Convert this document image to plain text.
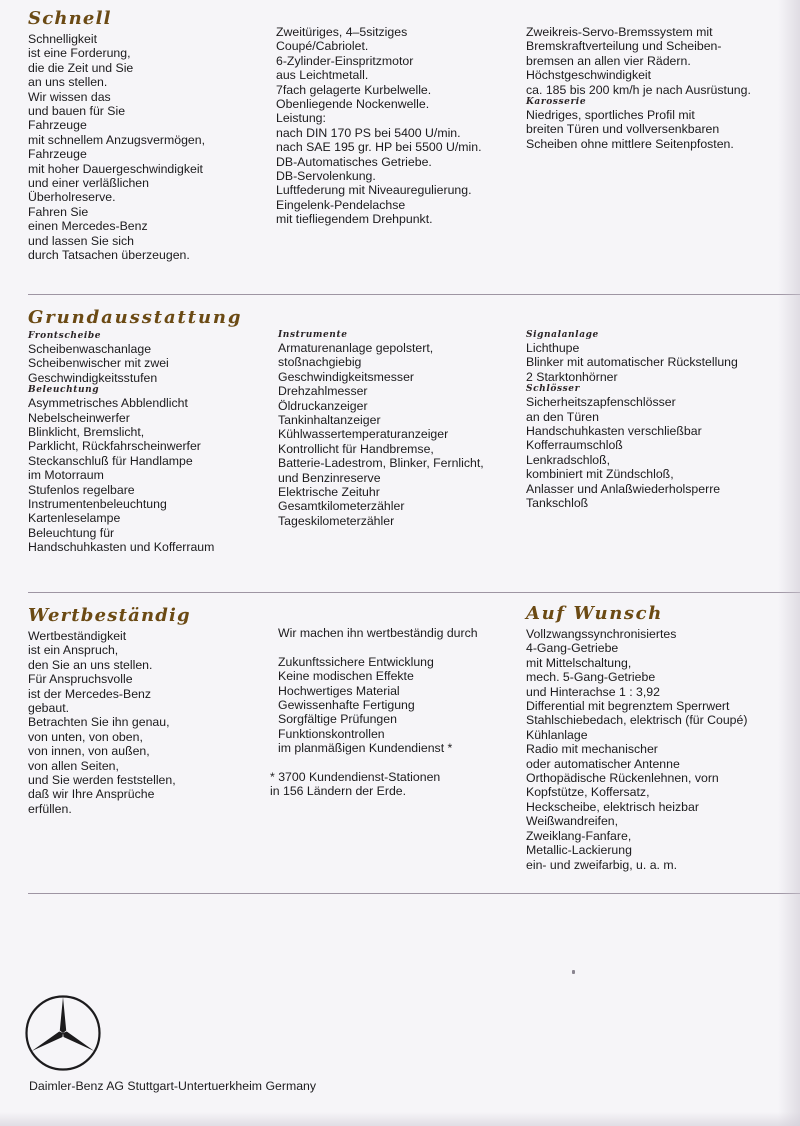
Schnell
Schnelligkeit
ist eine Forderung,
die die Zeit und Sie
an uns stellen.
Wir wissen das
und bauen für Sie
Fahrzeuge
mit schnellem Anzugsvermögen,
Fahrzeuge
mit hoher Dauergeschwindigkeit
und einer verläßlichen
Überholreserve.
Fahren Sie
einen Mercedes-Benz
und lassen Sie sich
durch Tatsachen überzeugen.
Zweitüriges, 4–5sitziges
Coupé/Cabriolet.
6-Zylinder-Einspritzmotor
aus Leichtmetall.
7fach gelagerte Kurbelwelle.
Obenliegende Nockenwelle.
Leistung:
nach DIN 170 PS bei 5400 U/min.
nach SAE 195 gr. HP bei 5500 U/min.
DB-Automatisches Getriebe.
DB-Servolenkung.
Luftfederung mit Niveauregulierung.
Eingelenk-Pendelachse
mit tiefliegendem Drehpunkt.
Zweikreis-Servo-Bremssystem mit
Bremskraftverteilung und Scheiben-
bremsen an allen vier Rädern.
Höchstgeschwindigkeit
ca. 185 bis 200 km/h je nach Ausrüstung.
Karosserie
Niedriges, sportliches Profil mit
breiten Türen und vollversenkbaren
Scheiben ohne mittlere Seitenpfosten.
Grundausstattung
Frontscheibe
Scheibenwaschanlage
Scheibenwischer mit zwei
Geschwindigkeitsstufen
Beleuchtung
Asymmetrisches Abblendlicht
Nebelscheinwerfer
Blinklicht, Bremslicht,
Parklicht, Rückfahrscheinwerfer
Steckanschluß für Handlampe
im Motorraum
Stufenlos regelbare
Instrumentenbeleuchtung
Kartenleselampe
Beleuchtung für
Handschuhkasten und Kofferraum
Instrumente
Armaturenanlage gepolstert,
stoßnachgiebig
Geschwindigkeitsmesser
Drehzahlmesser
Öldruckanzeiger
Tankinhaltanzeiger
Kühlwassertemperaturanzeiger
Kontrollicht für Handbremse,
Batterie-Ladestrom, Blinker, Fernlicht,
und Benzinreserve
Elektrische Zeituhr
Gesamtkilometerzähler
Tageskilometerzähler
Signalanlage
Lichthupe
Blinker mit automatischer Rückstellung
2 Starktonhörner
Schlösser
Sicherheitszapfenschlösser
an den Türen
Handschuhkasten verschließbar
Kofferraumschloß
Lenkradschloß,
kombiniert mit Zündschloß,
Anlasser und Anlaßwiederholsperre
Tankschloß
Wertbeständig
Wertbeständigkeit
ist ein Anspruch,
den Sie an uns stellen.
Für Anspruchsvolle
ist der Mercedes-Benz
gebaut.
Betrachten Sie ihn genau,
von unten, von oben,
von innen, von außen,
von allen Seiten,
und Sie werden feststellen,
daß wir Ihre Ansprüche
erfüllen.
Wir machen ihn wertbeständig durch
Zukunftssichere Entwicklung
Keine modischen Effekte
Hochwertiges Material
Gewissenhafte Fertigung
Sorgfältige Prüfungen
Funktionskontrollen
im planmäßigen Kundendienst *
* 3700 Kundendienst-Stationen
in 156 Ländern der Erde.
Auf Wunsch
Vollzwangssynchronisiertes
4-Gang-Getriebe
mit Mittelschaltung,
mech. 5-Gang-Getriebe
und Hinterachse 1 : 3,92
Differential mit begrenztem Sperrwert
Stahlschiebedach, elektrisch (für Coupé)
Kühlanlage
Radio mit mechanischer
oder automatischer Antenne
Orthopädische Rückenlehnen, vorn
Kopfstütze, Koffersatz,
Heckscheibe, elektrisch heizbar
Weißwandreifen,
Zweiklang-Fanfare,
Metallic-Lackierung
ein- und zweifarbig, u. a. m.
Daimler-Benz AG Stuttgart-Untertuerkheim Germany
